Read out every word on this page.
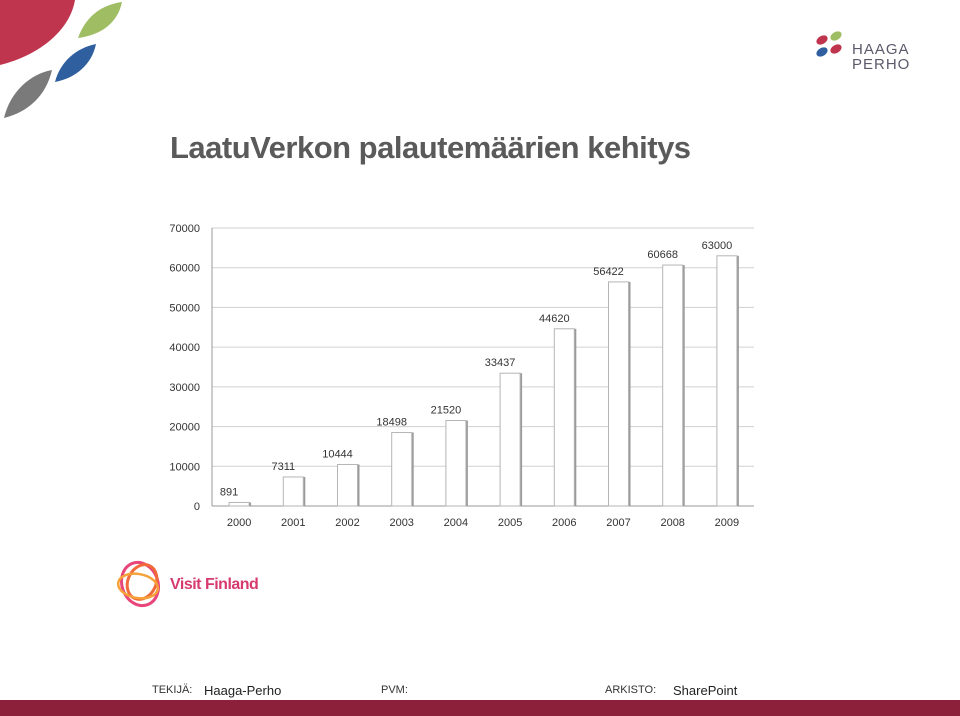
HAAGA
PERHO
LaatuVerkon palautemäärien kehitys
0
10000
20000
30000
40000
50000
60000
70000
891
2000
7311
2001
10444
2002
18498
2003
21520
2004
33437
2005
44620
2006
56422
2007
60668
2008
63000
2009
Visit Finland
TEKIJÄ: Haaga-Perho	PVM:	ARKISTO: SharePoint
